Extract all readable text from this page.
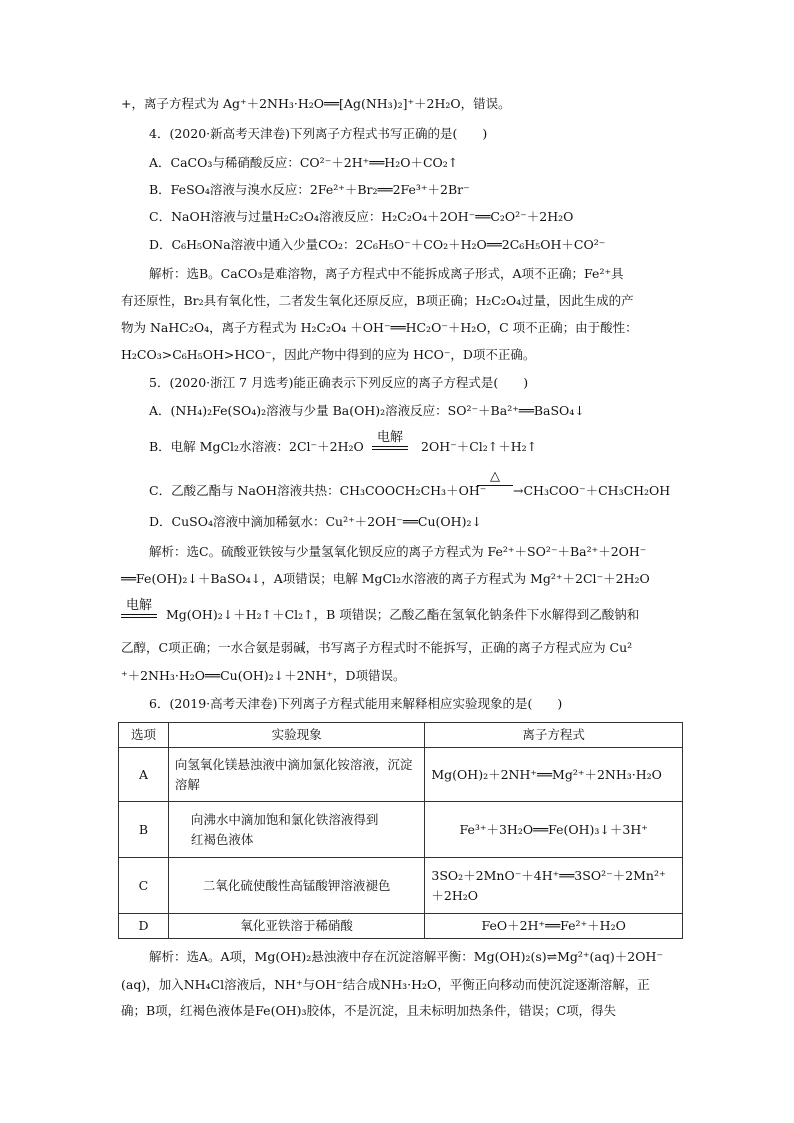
+，离子方程式为 Ag⁺＋2NH₃·H₂O══[Ag(NH₃)₂]⁺＋2H₂O，错误。
4．(2020·新高考天津卷)下列离子方程式书写正确的是(　　)
A．CaCO₃与稀硝酸反应：CO²⁻＋2H⁺══H₂O＋CO₂↑
B．FeSO₄溶液与溴水反应：2Fe²⁺＋Br₂══2Fe³⁺＋2Br⁻
C．NaOH溶液与过量H₂C₂O₄溶液反应：H₂C₂O₄＋2OH⁻══C₂O²⁻＋2H₂O
D．C₆H₅ONa溶液中通入少量CO₂：2C₆H₅O⁻＋CO₂＋H₂O══2C₆H₅OH＋CO²⁻
解析：选B。CaCO₃是难溶物，离子方程式中不能拆成离子形式，A项不正确；Fe²⁺具
有还原性，Br₂具有氧化性，二者发生氧化还原反应，B项正确；H₂C₂O₄过量，因此生成的产
物为 NaHC₂O₄，离子方程式为 H₂C₂O₄ ＋OH⁻══HC₂O⁻＋H₂O，C 项不正确；由于酸性：
H₂CO₃>C₆H₅OH>HCO⁻，因此产物中得到的应为 HCO⁻，D项不正确。
5．(2020·浙江 7 月选考)能正确表示下列反应的离子方程式是(　　)
A．(NH₄)₂Fe(SO₄)₂溶液与少量 Ba(OH)₂溶液反应：SO²⁻＋Ba²⁺══BaSO₄↓
B．电解 MgCl₂水溶液：2Cl⁻＋2H₂O
电解
2OH⁻＋Cl₂↑＋H₂↑
C．乙酸乙酯与 NaOH溶液共热：CH₃COOCH₂CH₃＋OH⁻
△
→CH₃COO⁻＋CH₃CH₂OH
D．CuSO₄溶液中滴加稀氨水：Cu²⁺＋2OH⁻══Cu(OH)₂↓
解析：选C。硫酸亚铁铵与少量氢氧化钡反应的离子方程式为 Fe²⁺＋SO²⁻＋Ba²⁺＋2OH⁻
══Fe(OH)₂↓＋BaSO₄↓，A项错误；电解 MgCl₂水溶液的离子方程式为 Mg²⁺＋2Cl⁻＋2H₂O
电解
Mg(OH)₂↓＋H₂↑＋Cl₂↑，B 项错误；乙酸乙酯在氢氧化钠条件下水解得到乙酸钠和
乙醇，C项正确；一水合氨是弱碱，书写离子方程式时不能拆写，正确的离子方程式应为 Cu²
⁺＋2NH₃·H₂O══Cu(OH)₂↓＋2NH⁺，D项错误。
6．(2019·高考天津卷)下列离子方程式能用来解释相应实验现象的是(　　)
选项	实验现象	离子方程式
A	向氢氧化镁悬浊液中滴加氯化铵溶液，沉淀溶解	Mg(OH)₂＋2NH⁺══Mg²⁺＋2NH₃·H₂O
B	向沸水中滴加饱和氯化铁溶液得到红褐色液体	Fe³⁺＋3H₂O══Fe(OH)₃↓＋3H⁺
C	二氧化硫使酸性高锰酸钾溶液褪色	3SO₂＋2MnO⁻＋4H⁺══3SO²⁻＋2Mn²⁺＋2H₂O
D	氧化亚铁溶于稀硝酸	FeO＋2H⁺══Fe²⁺＋H₂O
解析：选A。A项，Mg(OH)₂悬浊液中存在沉淀溶解平衡：Mg(OH)₂(s)⇌Mg²⁺(aq)＋2OH⁻
(aq)，加入NH₄Cl溶液后，NH⁺与OH⁻结合成NH₃·H₂O，平衡正向移动而使沉淀逐渐溶解，正
确；B项，红褐色液体是Fe(OH)₃胶体，不是沉淀，且未标明加热条件，错误；C项，得失
